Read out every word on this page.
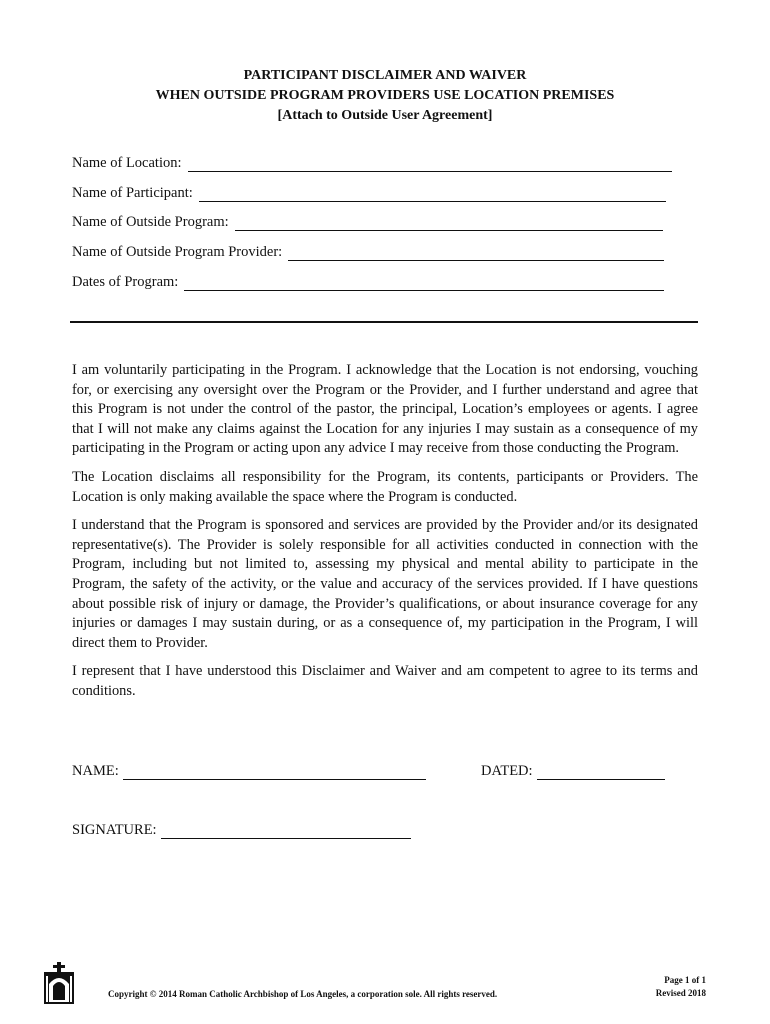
PARTICIPANT DISCLAIMER AND WAIVER
WHEN OUTSIDE PROGRAM PROVIDERS USE LOCATION PREMISES
[Attach to Outside User Agreement]
Name of Location:
Name of Participant:
Name of Outside Program:
Name of Outside Program Provider:
Dates of Program:

I am voluntarily participating in the Program. I acknowledge that the Location is not endorsing, vouching for, or exercising any oversight over the Program or the Provider, and I further understand and agree that this Program is not under the control of the pastor, the principal, Location’s employees or agents. I agree that I will not make any claims against the Location for any injuries I may sustain as a consequence of my participating in the Program or acting upon any advice I may receive from those conducting the Program.

The Location disclaims all responsibility for the Program, its contents, participants or Providers. The Location is only making available the space where the Program is conducted.

I understand that the Program is sponsored and services are provided by the Provider and/or its designated representative(s). The Provider is solely responsible for all activities conducted in connection with the Program, including but not limited to, assessing my physical and mental ability to participate in the Program, the safety of the activity, or the value and accuracy of the services provided. If I have questions about possible risk of injury or damage, the Provider’s qualifications, or about insurance coverage for any injuries or damages I may sustain during, or as a consequence of, my participation in the Program, I will direct them to Provider.

I represent that I have understood this Disclaimer and Waiver and am competent to agree to its terms and conditions.

NAME:	DATED:
SIGNATURE:
Copyright © 2014 Roman Catholic Archbishop of Los Angeles, a corporation sole. All rights reserved.
Page 1 of 1
Revised 2018
